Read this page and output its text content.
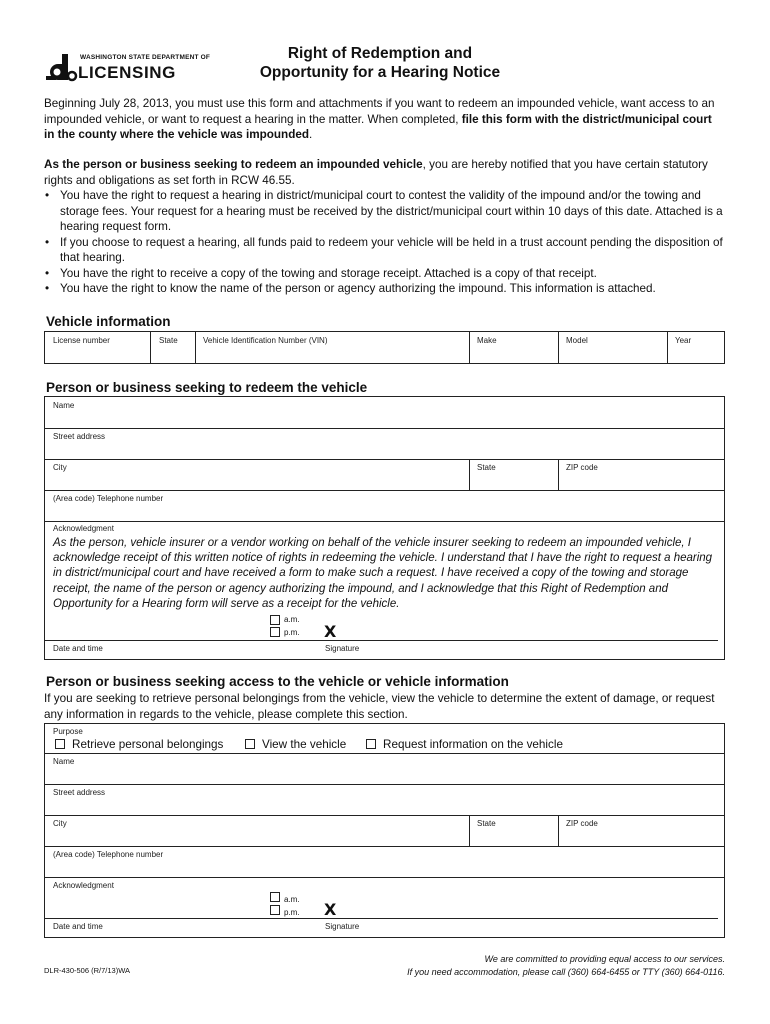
WASHINGTON STATE DEPARTMENT OF
LICENSING
Right of Redemption and
Opportunity for a Hearing Notice
Beginning July 28, 2013, you must use this form and attachments if you want to redeem an impounded vehicle, want access to an impounded vehicle, or want to request a hearing in the matter. When completed, file this form with the district/municipal court in the county where the vehicle was impounded.
As the person or business seeking to redeem an impounded vehicle, you are hereby notified that you have certain statutory rights and obligations as set forth in RCW 46.55.
• You have the right to request a hearing in district/municipal court to contest the validity of the impound and/or the towing and storage fees. Your request for a hearing must be received by the district/municipal court within 10 days of this date. Attached is a hearing request form.
• If you choose to request a hearing, all funds paid to redeem your vehicle will be held in a trust account pending the disposition of that hearing.
• You have the right to receive a copy of the towing and storage receipt. Attached is a copy of that receipt.
• You have the right to know the name of the person or agency authorizing the impound. This information is attached.
Vehicle information
License number	State	Vehicle Identification Number (VIN)	Make	Model	Year
Person or business seeking to redeem the vehicle
Name
Street address
City	State	ZIP code
(Area code) Telephone number
Acknowledgment
As the person, vehicle insurer or a vendor working on behalf of the vehicle insurer seeking to redeem an impounded vehicle, I acknowledge receipt of this written notice of rights in redeeming the vehicle. I understand that I have the right to request a hearing in district/municipal court and have received a form to make such a request. I have received a copy of the towing and storage receipt, the name of the person or agency authorizing the impound, and I acknowledge that this Right of Redemption and Opportunity for a Hearing form will serve as a receipt for the vehicle.
a.m.
p.m. X
Date and time	Signature
Person or business seeking access to the vehicle or vehicle information
If you are seeking to retrieve personal belongings from the vehicle, view the vehicle to determine the extent of damage, or request any information in regards to the vehicle, please complete this section.
Purpose
Retrieve personal belongings	View the vehicle	Request information on the vehicle
Name
Street address
City	State	ZIP code
(Area code) Telephone number
Acknowledgment
a.m.
p.m. X
Date and time	Signature
DLR-430-506 (R/7/13)WA
We are committed to providing equal access to our services.
If you need accommodation, please call (360) 664-6455 or TTY (360) 664-0116.
